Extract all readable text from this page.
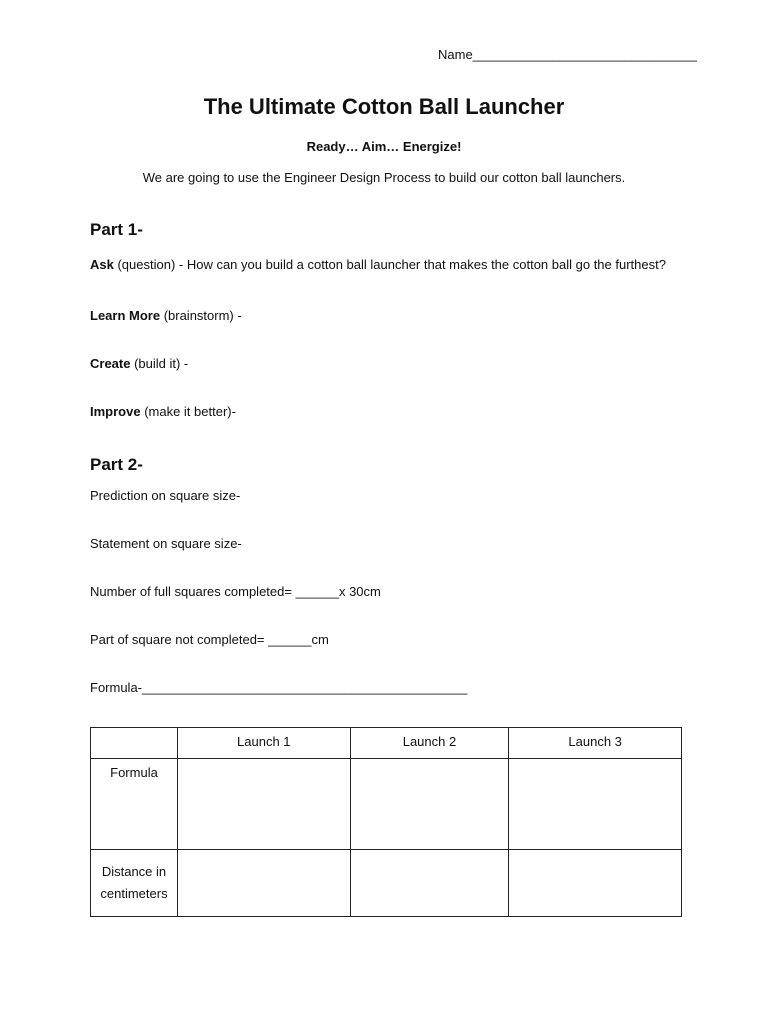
Name_______________________________
The Ultimate Cotton Ball Launcher
Ready… Aim… Energize!
We are going to use the Engineer Design Process to build our cotton ball launchers.
Part 1-
Ask (question) - How can you build a cotton ball launcher that makes the cotton ball go the furthest?
Learn More (brainstorm) -
Create (build it) -
Improve (make it better)-
Part 2-
Prediction on square size-
Statement on square size-
Number of full squares completed= ______x 30cm
Part of square not completed= ______cm
Formula-_____________________________________________
	Launch 1	Launch 2	Launch 3
Formula			
Distance in centimeters			
